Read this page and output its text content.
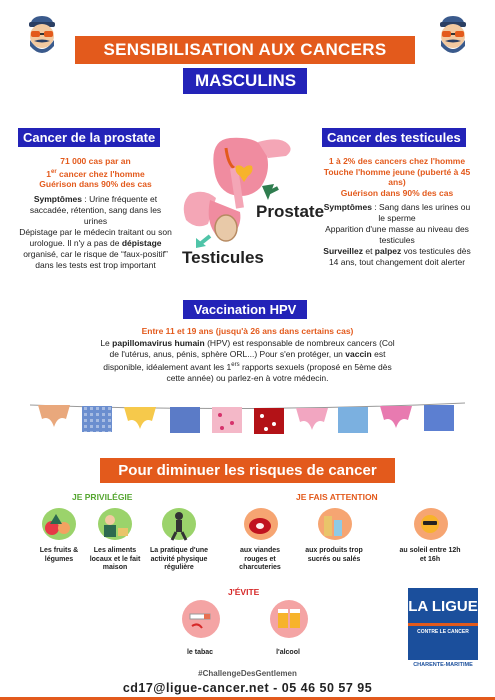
SENSIBILISATION AUX CANCERS
MASCULINS
Cancer de la prostate
71 000 cas par an
1er cancer chez l'homme
Guérison dans 90% des cas
Symptômes : Urine fréquente et saccadée, rétention, sang dans les urines
Dépistage par le médecin traitant ou son urologue. Il n'y a pas de dépistage organisé, car le risque de “faux-positif” dans les tests est trop important
Prostate
Testicules
Cancer des testicules
1 à 2% des cancers chez l'homme
Touche l'homme jeune (puberté à 45 ans)
Guérison dans 90% des cas
Symptômes : Sang dans les urines ou le sperme
Apparition d'une masse au niveau des testicules
Surveillez et palpez vos testicules dès 14 ans, tout changement doit alerter
Vaccination HPV
Entre 11 et 19 ans (jusqu'à 26 ans dans certains cas)
Le papillomavirus humain (HPV) est responsable de nombreux cancers (Col de l'utérus, anus, pénis, sphère ORL...) Pour s'en protéger, un vaccin est disponible, idéalement avant les 1ers rapports sexuels (proposé en 5ème dès cette année) ou parlez-en à votre médecin.
Pour diminuer les risques de cancer
JE PRIVILÉGIE	JE FAIS ATTENTION
Les fruits & légumes
Les aliments locaux et le fait maison
La pratique d'une activité physique régulière
aux viandes rouges et charcuteries
aux produits trop sucrés ou salés
au soleil entre 12h et 16h
J'ÉVITE
le tabac	l'alcool
LA LIGUE
CONTRE LE CANCER
CHARENTE-MARITIME
#ChallengeDesGentlemen
cd17@ligue-cancer.net - 05 46 50 57 95
